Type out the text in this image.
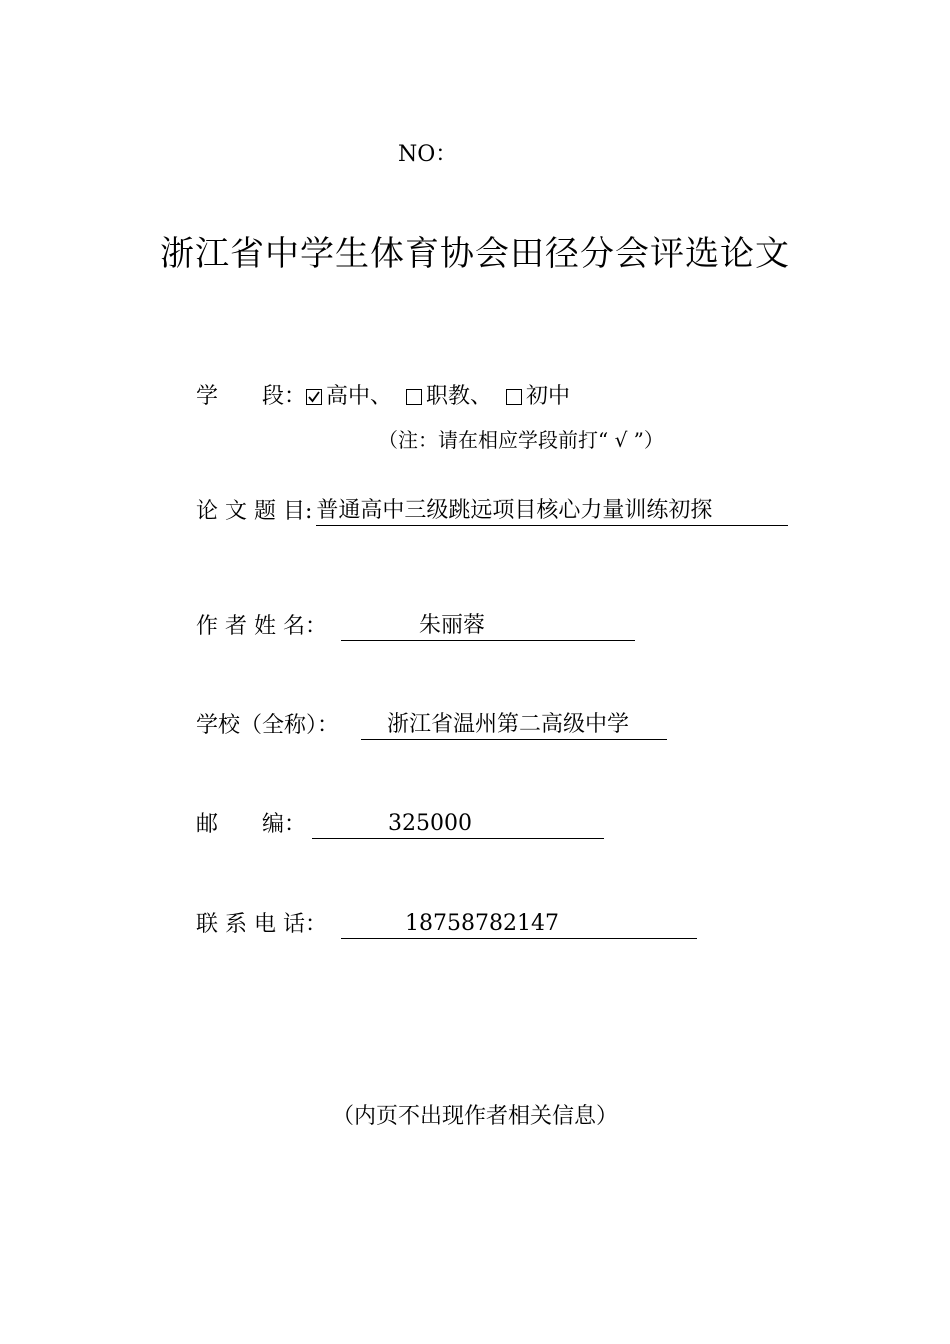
NO：
浙江省中学生体育协会田径分会评选论文
学　　段： 高中、 职教、 初中
（注：请在相应学段前打“ √ ”）
论 文 题 目: 普通高中三级跳远项目核心力量训练初探
作 者 姓 名：	朱丽蓉
学校（全称）： 浙江省温州第二高级中学
邮　　编：	325000
联 系 电 话：	18758782147
（内页不出现作者相关信息）
